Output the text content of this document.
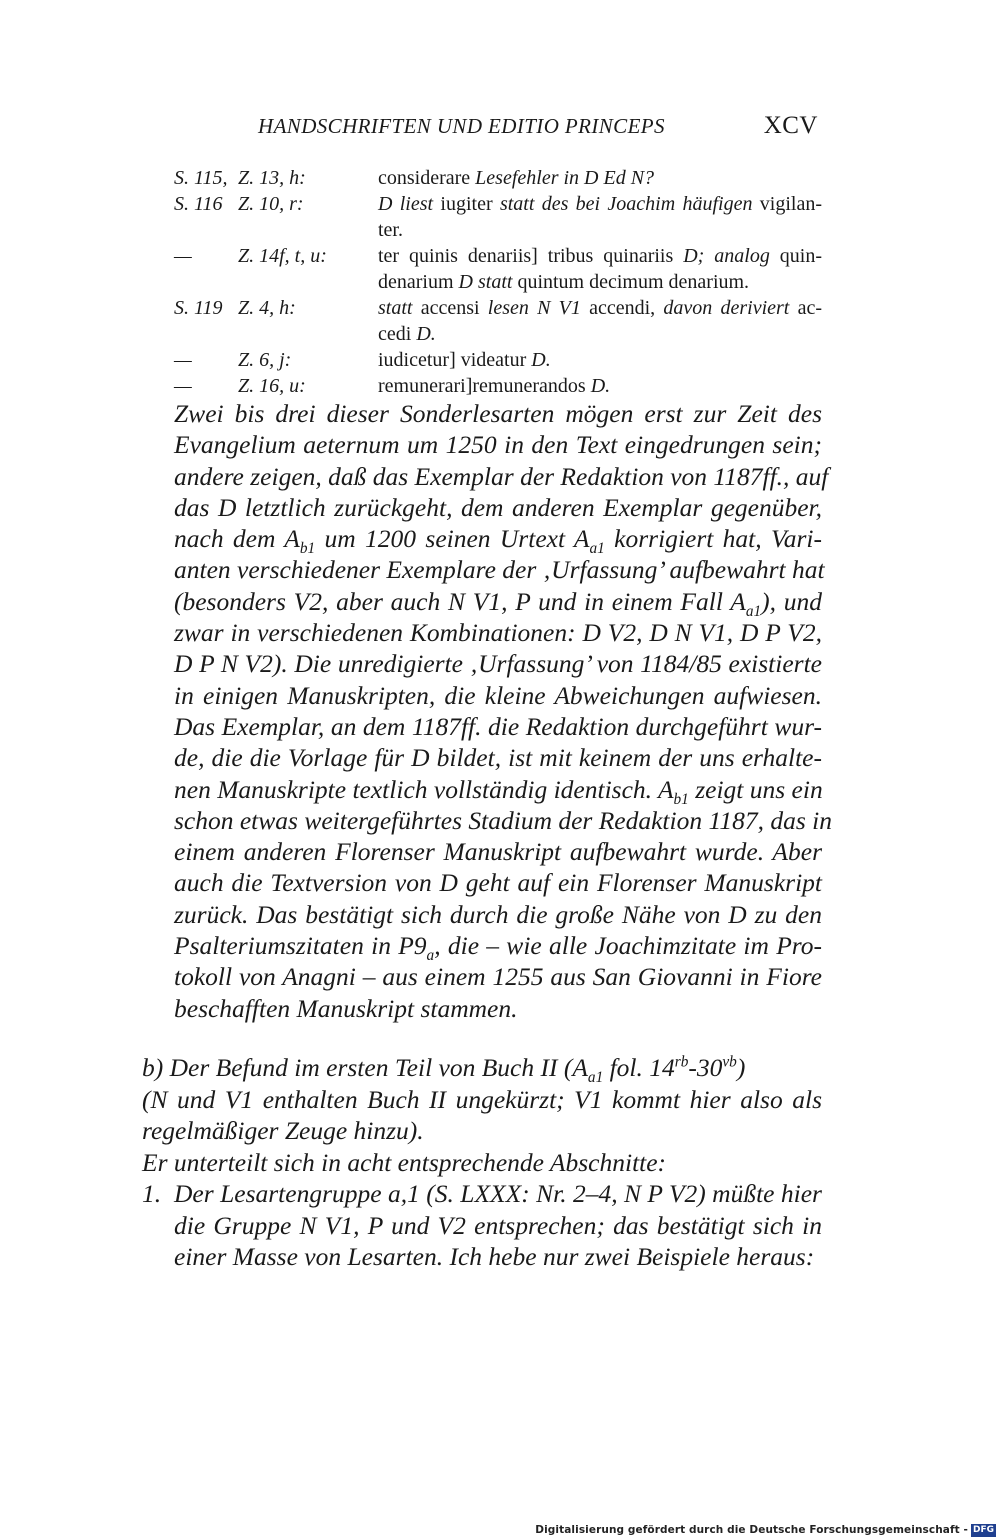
HANDSCHRIFTEN UND EDITIO PRINCEPS	XCV
S. 115, Z. 13, h:	considerare Lesefehler in D Ed N?
S. 116 Z. 10, r:	D liest iugiter statt des bei Joachim häufigen vigilan-ter.
—	Z. 14f, t, u:	ter quinis denariis] tribus quinariis D; analog quin-denarium D statt quintum decimum denarium.
S. 119 Z. 4, h:	statt accensi lesen N V1 accendi, davon deriviert ac-cedi D.
—	Z. 6, j:	iudicetur] videatur D.
—	Z. 16, u:	remunerari]remunerandos D.
Zwei bis drei dieser Sonderlesarten mögen erst zur Zeit des
Evangelium aeternum um 1250 in den Text eingedrungen sein;
andere zeigen, daß das Exemplar der Redaktion von 1187ff., auf
das D letztlich zurückgeht, dem anderen Exemplar gegenüber,
nach dem $A_{b1}$ um 1200 seinen Urtext $A_{a1}$ korrigiert hat, Vari-
anten verschiedener Exemplare der ‚Urfassung’ aufbewahrt hat
(besonders V2, aber auch N V1, P und in einem Fall $A_{a1}$), und
zwar in verschiedenen Kombinationen: D V2, D N V1, D P V2,
D P N V2). Die unredigierte ‚Urfassung’ von 1184/85 existierte
in einigen Manuskripten, die kleine Abweichungen aufwiesen.
Das Exemplar, an dem 1187ff. die Redaktion durchgeführt wur-
de, die die Vorlage für D bildet, ist mit keinem der uns erhalte-
nen Manuskripte textlich vollständig identisch. $A_{b1}$ zeigt uns ein
schon etwas weitergeführtes Stadium der Redaktion 1187, das in
einem anderen Florenser Manuskript aufbewahrt wurde. Aber
auch die Textversion von D geht auf ein Florenser Manuskript
zurück. Das bestätigt sich durch die große Nähe von D zu den
Psalteriumszitaten in $P9_a$, die – wie alle Joachimzitate im Pro-
tokoll von Anagni – aus einem 1255 aus San Giovanni in Fiore
beschafften Manuskript stammen.
b) Der Befund im ersten Teil von Buch II ($A_{a1}$ fol. $14^{rb}-30^{vb}$)
(N und V1 enthalten Buch II ungekürzt; V1 kommt hier also als
regelmäßiger Zeuge hinzu).
Er unterteilt sich in acht entsprechende Abschnitte:
1. Der Lesartengruppe a,1 (S. LXXX: Nr. 2–4, N P V2) müßte hier
die Gruppe N V1, P und V2 entsprechen; das bestätigt sich in
einer Masse von Lesarten. Ich hebe nur zwei Beispiele heraus:
Digitalisierung gefördert durch die Deutsche Forschungsgemeinschaft - DFG
